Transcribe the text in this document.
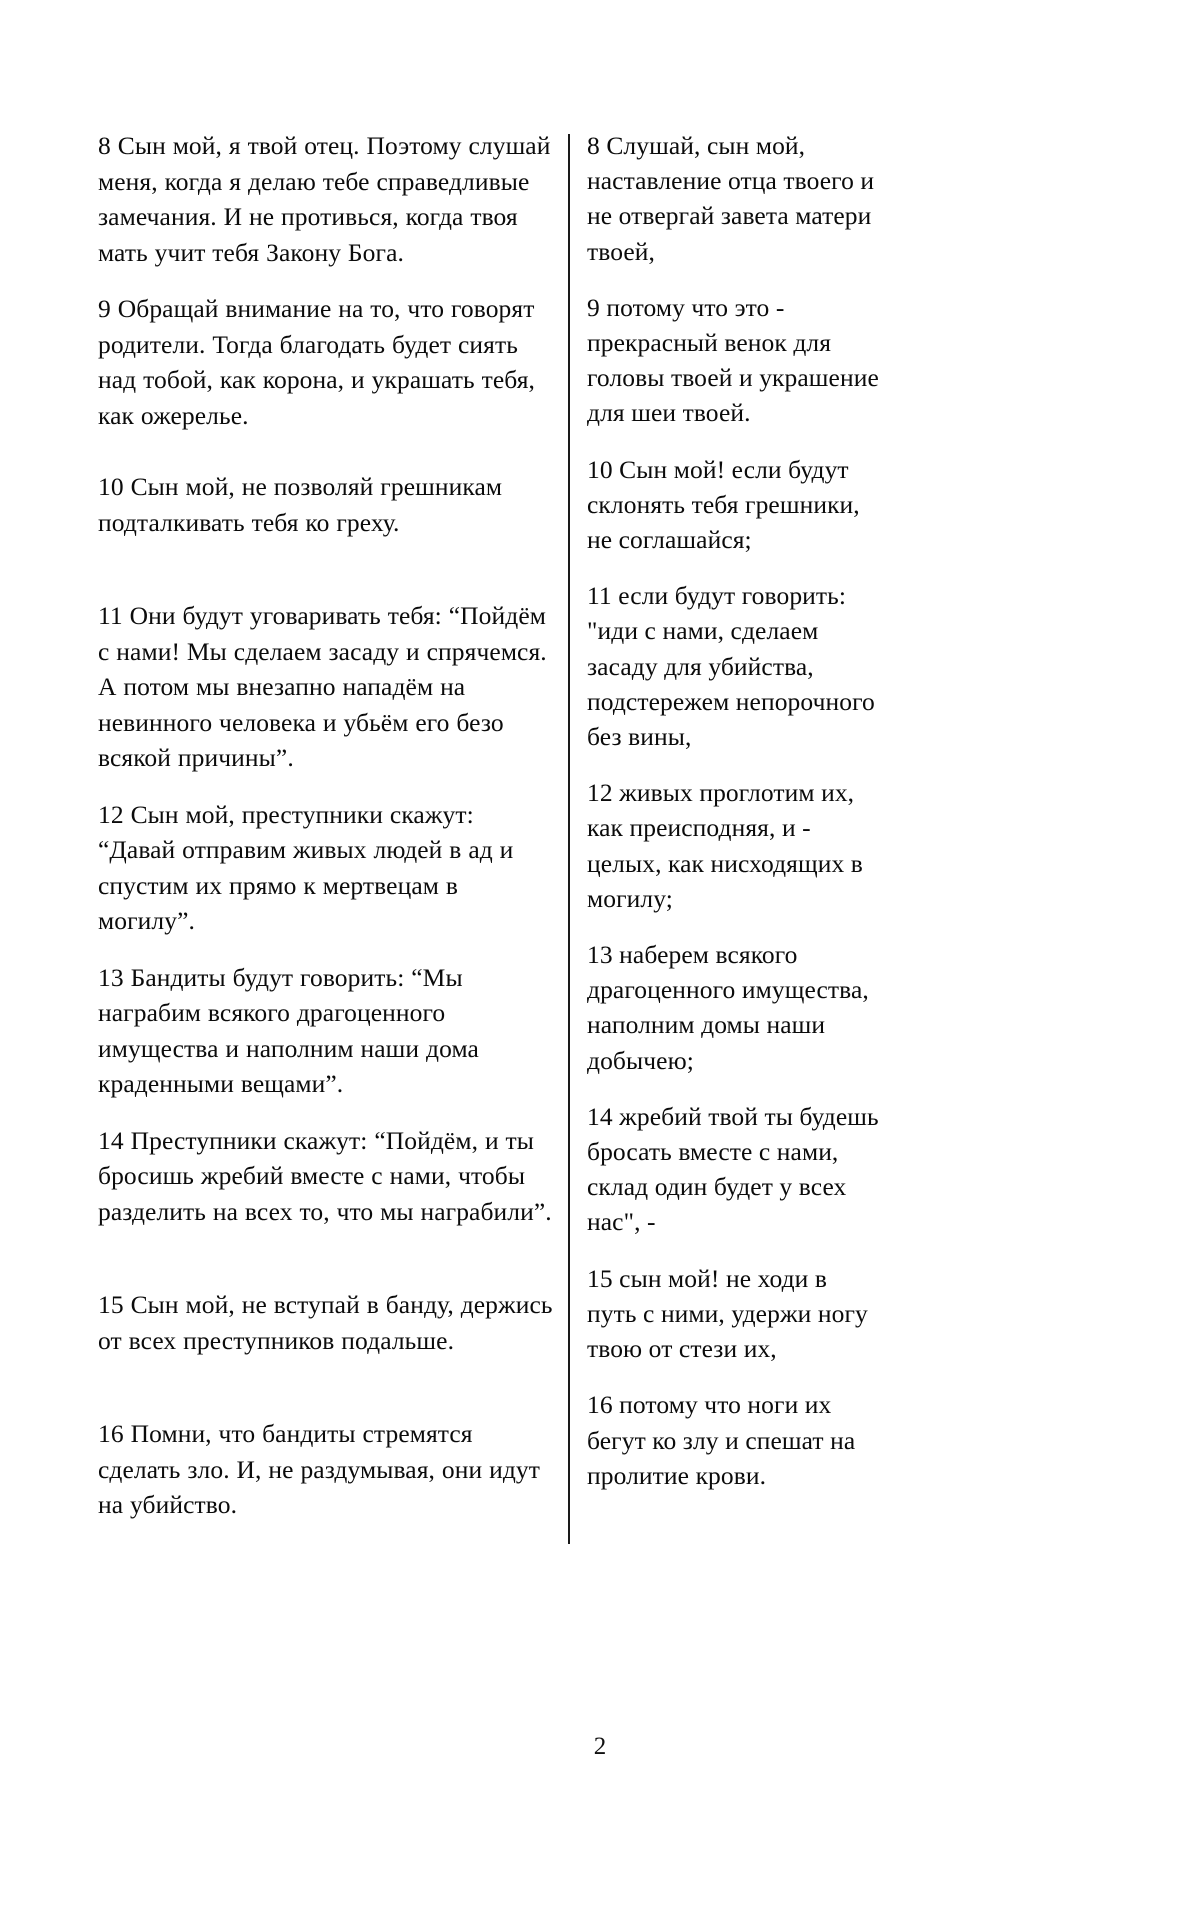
8 Сын мой, я твой отец. Поэтому слушай меня, когда я делаю тебе справедливые замечания. И не противься, когда твоя мать учит тебя Закону Бога.

9 Обращай внимание на то, что говорят родители. Тогда благодать будет сиять над тобой, как корона, и украшать тебя, как ожерелье.

10 Сын мой, не позволяй грешникам подталкивать тебя ко греху.

11 Они будут уговаривать тебя: “Пойдём с нами! Мы сделаем засаду и спрячемся. А потом мы внезапно нападём на невинного человека и убьём его безо всякой причины”.

12 Сын мой, преступники скажут: “Давай отправим живых людей в ад и спустим их прямо к мертвецам в могилу”.

13 Бандиты будут говорить: “Мы награбим всякого драгоценного имущества и наполним наши дома краденными вещами”.

14 Преступники скажут: “Пойдём, и ты бросишь жребий вместе с нами, чтобы разделить на всех то, что мы награбили”.

15 Сын мой, не вступай в банду, держись от всех преступников подальше.

16 Помни, что бандиты стремятся сделать зло. И, не раздумывая, они идут на убийство.

8 Слушай, сын мой, наставление отца твоего и не отвергай завета матери твоей,

9 потому что это - прекрасный венок для головы твоей и украшение для шеи твоей.

10 Сын мой! если будут склонять тебя грешники, не соглашайся;

11 если будут говорить: "иди с нами, сделаем засаду для убийства, подстережем непорочного без вины,

12 живых проглотим их, как преисподняя, и - целых, как нисходящих в могилу;

13 наберем всякого драгоценного имущества, наполним домы наши добычею;

14 жребий твой ты будешь бросать вместе с нами, склад один будет у всех нас", -

15 сын мой! не ходи в путь с ними, удержи ногу твою от стези их,

16 потому что ноги их бегут ко злу и спешат на пролитие крови.

2
